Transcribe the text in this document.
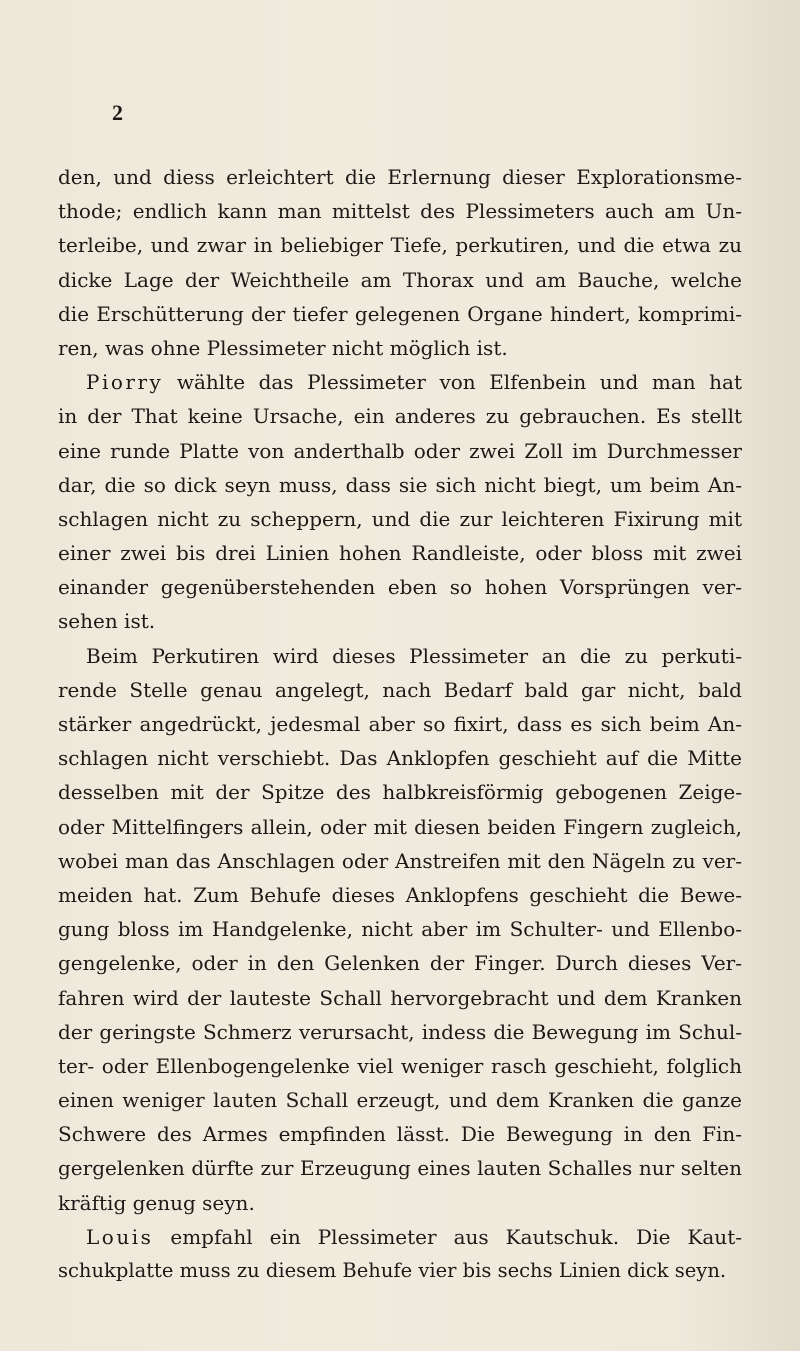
2
den, und diess erleichtert die Erlernung dieser Explorationsme-
thode; endlich kann man mittelst des Plessimeters auch am Un-
terleibe, und zwar in beliebiger Tiefe, perkutiren, und die etwa zu
dicke Lage der Weichtheile am Thorax und am Bauche, welche
die Erschütterung der tiefer gelegenen Organe hindert, komprimi-
ren, was ohne Plessimeter nicht möglich ist.
Piorry wählte das Plessimeter von Elfenbein und man hat
in der That keine Ursache, ein anderes zu gebrauchen. Es stellt
eine runde Platte von anderthalb oder zwei Zoll im Durchmesser
dar, die so dick seyn muss, dass sie sich nicht biegt, um beim An-
schlagen nicht zu scheppern, und die zur leichteren Fixirung mit
einer zwei bis drei Linien hohen Randleiste, oder bloss mit zwei
einander gegenüberstehenden eben so hohen Vorsprüngen ver-
sehen ist.
Beim Perkutiren wird dieses Plessimeter an die zu perkuti-
rende Stelle genau angelegt, nach Bedarf bald gar nicht, bald
stärker angedrückt, jedesmal aber so fixirt, dass es sich beim An-
schlagen nicht verschiebt. Das Anklopfen geschieht auf die Mitte
desselben mit der Spitze des halbkreisförmig gebogenen Zeige-
oder Mittelfingers allein, oder mit diesen beiden Fingern zugleich,
wobei man das Anschlagen oder Anstreifen mit den Nägeln zu ver-
meiden hat. Zum Behufe dieses Anklopfens geschieht die Bewe-
gung bloss im Handgelenke, nicht aber im Schulter- und Ellenbo-
gengelenke, oder in den Gelenken der Finger. Durch dieses Ver-
fahren wird der lauteste Schall hervorgebracht und dem Kranken
der geringste Schmerz verursacht, indess die Bewegung im Schul-
ter- oder Ellenbogengelenke viel weniger rasch geschieht, folglich
einen weniger lauten Schall erzeugt, und dem Kranken die ganze
Schwere des Armes empfinden lässt. Die Bewegung in den Fin-
gergelenken dürfte zur Erzeugung eines lauten Schalles nur selten
kräftig genug seyn.
Louis empfahl ein Plessimeter aus Kautschuk. Die Kaut-
schukplatte muss zu diesem Behufe vier bis sechs Linien dick seyn.
